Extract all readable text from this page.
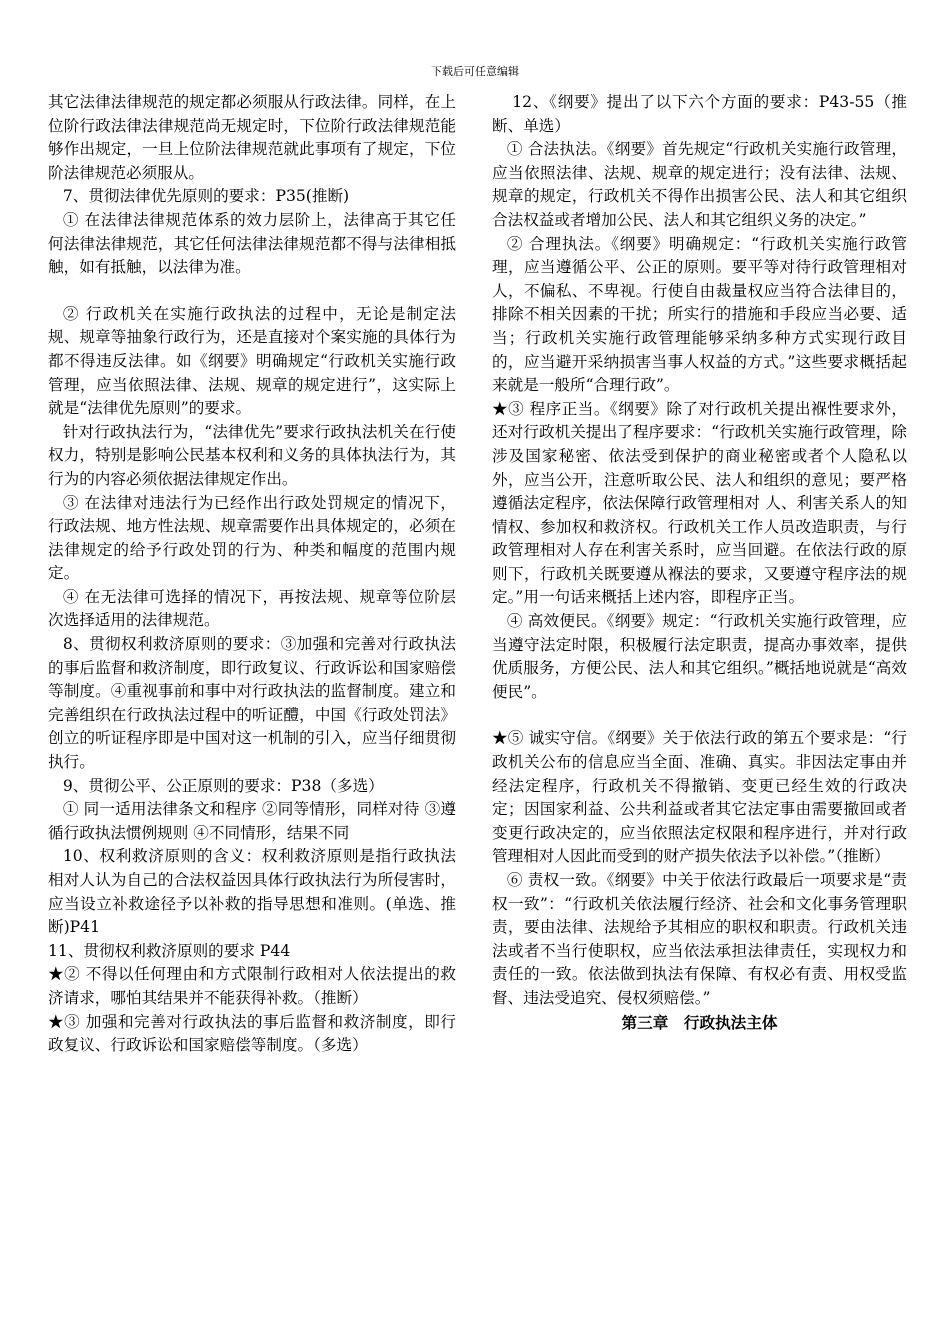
下载后可任意编辑
其它法律法律规范的规定都必须服从行政法律。同样，在上位阶行政法律法律规范尚无规定时，下位阶行政法律规范能够作出规定，一旦上位阶法律规范就此事项有了规定，下位阶法律规范必须服从。
7、贯彻法律优先原则的要求：P35(推断)
① 在法律法律规范体系的效力层阶上，法律高于其它任何法律法律规范，其它任何法律法律规范都不得与法律相抵触，如有抵触，以法律为准。
② 行政机关在实施行政执法的过程中，无论是制定法规、规章等抽象行政行为，还是直接对个案实施的具体行为都不得违反法律。如《纲要》明确规定“行政机关实施行政管理，应当依照法律、法规、规章的规定进行”，这实际上就是“法律优先原则”的要求。
针对行政执法行为，“法律优先”要求行政执法机关在行使权力，特别是影响公民基本权利和义务的具体执法行为，其行为的内容必须依据法律规定作出。
③ 在法律对违法行为已经作出行政处罚规定的情况下，行政法规、地方性法规、规章需要作出具体规定的，必须在法律规定的给予行政处罚的行为、种类和幅度的范围内规定。
④ 在无法律可选择的情况下，再按法规、规章等位阶层次选择适用的法律规范。
8、贯彻权利救济原则的要求：③加强和完善对行政执法的事后监督和救济制度，即行政复议、行政诉讼和国家赔偿等制度。④重视事前和事中对行政执法的监督制度。建立和完善组织在行政执法过程中的听证醴，中国《行政处罚法》创立的听证程序即是中国对这一机制的引入，应当仔细贯彻执行。
9、贯彻公平、公正原则的要求：P38（多选）
① 同一适用法律条文和程序 ②同等情形，同样对待 ③遵循行政执法惯例规则 ④不同情形，结果不同
10、权利救济原则的含义：权利救济原则是指行政执法相对人认为自己的合法权益因具体行政执法行为所侵害时，应当设立补救途径予以补救的指导思想和准则。(单选、推断)P41
11、贯彻权利救济原则的要求 P44
★② 不得以任何理由和方式限制行政相对人依法提出的救济请求，哪怕其结果并不能获得补救。（推断）
★③ 加强和完善对行政执法的事后监督和救济制度，即行政复议、行政诉讼和国家赔偿等制度。（多选）
12、《纲要》提出了以下六个方面的要求：P43-55（推断、单选）
① 合法执法。《纲要》首先规定“行政机关实施行政管理，应当依照法律、法规、规章的规定进行；没有法律、法规、规章的规定，行政机关不得作出损害公民、法人和其它组织合法权益或者增加公民、法人和其它组织义务的决定。”
② 合理执法。《纲要》明确规定：“行政机关实施行政管理，应当遵循公平、公正的原则。要平等对待行政管理相对人，不偏私、不卑视。行使自由裁量权应当符合法律目的，排除不相关因素的干扰；所实行的措施和手段应当必要、适当；行政机关实施行政管理能够采纳多种方式实现行政目的，应当避开采纳损害当事人权益的方式。”这些要求概括起来就是一般所“合理行政”。
★③ 程序正当。《纲要》除了对行政机关提出褓性要求外，还对行政机关提出了程序要求：“行政机关实施行政管理，除涉及国家秘密、依法受到保护的商业秘密或者个人隐私以外，应当公开，注意听取公民、法人和组织的意见；要严格遵循法定程序，依法保障行政管理相对 人、利害关系人的知情权、参加权和救济权。行政机关工作人员改造职责，与行政管理相对人存在利害关系时，应当回避。在依法行政的原则下，行政机关既要遵从褓法的要求，又要遵守程序法的规定。”用一句话来概括上述内容，即程序正当。
④ 高效便民。《纲要》规定：“行政机关实施行政管理，应当遵守法定时限，积极履行法定职责，提高办事效率，提供优质服务，方便公民、法人和其它组织。”概括地说就是“高效便民”。
★⑤ 诚实守信。《纲要》关于依法行政的第五个要求是：“行政机关公布的信息应当全面、准确、真实。非因法定事由并经法定程序，行政机关不得撤销、变更已经生效的行政决定；因国家利益、公共利益或者其它法定事由需要撤回或者变更行政决定的，应当依照法定权限和程序进行，并对行政管理相对人因此而受到的财产损失依法予以补偿。”（推断）
⑥ 责权一致。《纲要》中关于依法行政最后一项要求是“责权一致”：“行政机关依法履行经济、社会和文化事务管理职责，要由法律、法规给予其相应的职权和职责。行政机关违法或者不当行使职权，应当依法承担法律责任，实现权力和责任的一致。依法做到执法有保障、有权必有责、用权受监督、违法受追究、侵权须赔偿。”
第三章　行政执法主体
